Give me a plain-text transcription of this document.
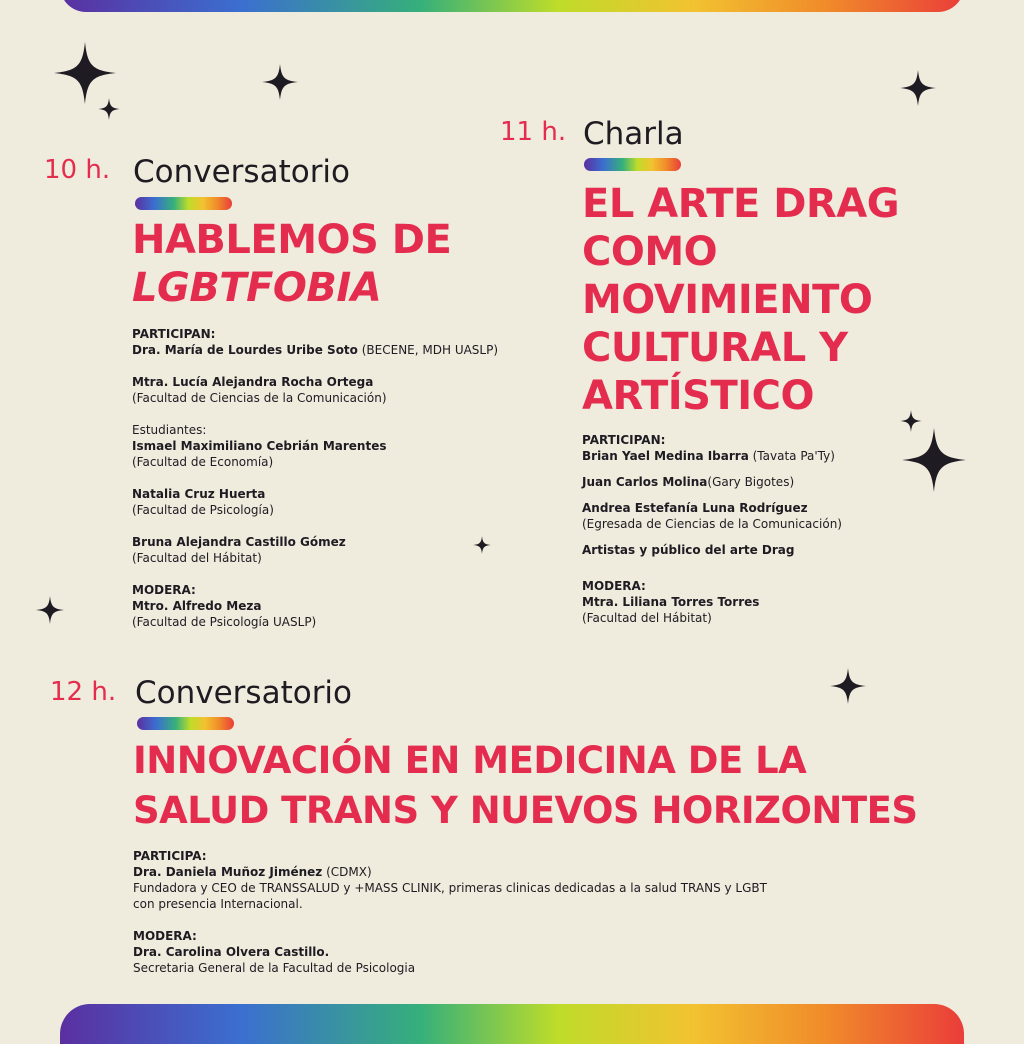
10 h. Conversatorio
HABLEMOS DE
LGBTFOBIA
PARTICIPAN:
Dra. María de Lourdes Uribe Soto (BECENE, MDH UASLP)
Mtra. Lucía Alejandra Rocha Ortega
(Facultad de Ciencias de la Comunicación)
Estudiantes:
Ismael Maximiliano Cebrián Marentes
(Facultad de Economía)
Natalia Cruz Huerta
(Facultad de Psicología)
Bruna Alejandra Castillo Gómez
(Facultad del Hábitat)
MODERA:
Mtro. Alfredo Meza
(Facultad de Psicología UASLP)
11 h. Charla
EL ARTE DRAG
COMO
MOVIMIENTO
CULTURAL Y
ARTÍSTICO
PARTICIPAN:
Brian Yael Medina Ibarra (Tavata Pa'Ty)
Juan Carlos Molina(Gary Bigotes)
Andrea Estefanía Luna Rodríguez
(Egresada de Ciencias de la Comunicación)
Artistas y público del arte Drag
MODERA:
Mtra. Liliana Torres Torres
(Facultad del Hábitat)
12 h. Conversatorio
INNOVACIÓN EN MEDICINA DE LA
SALUD TRANS Y NUEVOS HORIZONTES
PARTICIPA:
Dra. Daniela Muñoz Jiménez (CDMX)
Fundadora y CEO de TRANSSALUD y +MASS CLINIK, primeras clinicas dedicadas a la salud TRANS y LGBT
con presencia Internacional.
MODERA:
Dra. Carolina Olvera Castillo.
Secretaria General de la Facultad de Psicologia
